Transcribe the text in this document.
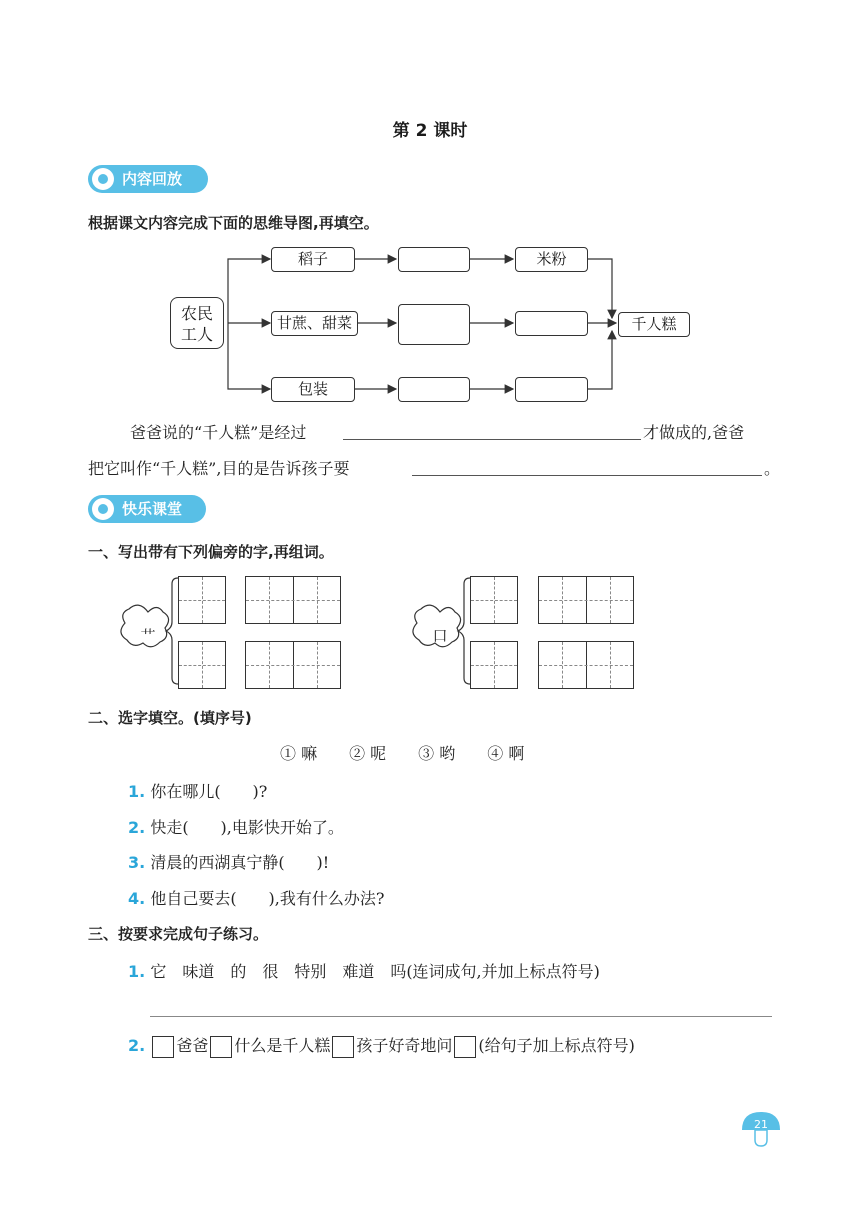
第 2 课时
内容回放
根据课文内容完成下面的思维导图,再填空。
农民
工人
稻子	米粉
甘蔗、甜菜
包装
千人糕
爸爸说的“千人糕”是经过	才做成的,爸爸
把它叫作“千人糕”,目的是告诉孩子要	。
快乐课堂
一、写出带有下列偏旁的字,再组词。
艹	口
二、选字填空。(填序号)
① 嘛　　② 呢　　③ 哟　　④ 啊
1. 你在哪儿(　　)?
2. 快走(　　),电影快开始了。
3. 清晨的西湖真宁静(　　)!
4. 他自己要去(　　),我有什么办法?
三、按要求完成句子练习。
1. 它　味道　的　很　特别　难道　吗(连词成句,并加上标点符号)
2. 爸爸 什么是千人糕 孩子好奇地问 (给句子加上标点符号)
21
